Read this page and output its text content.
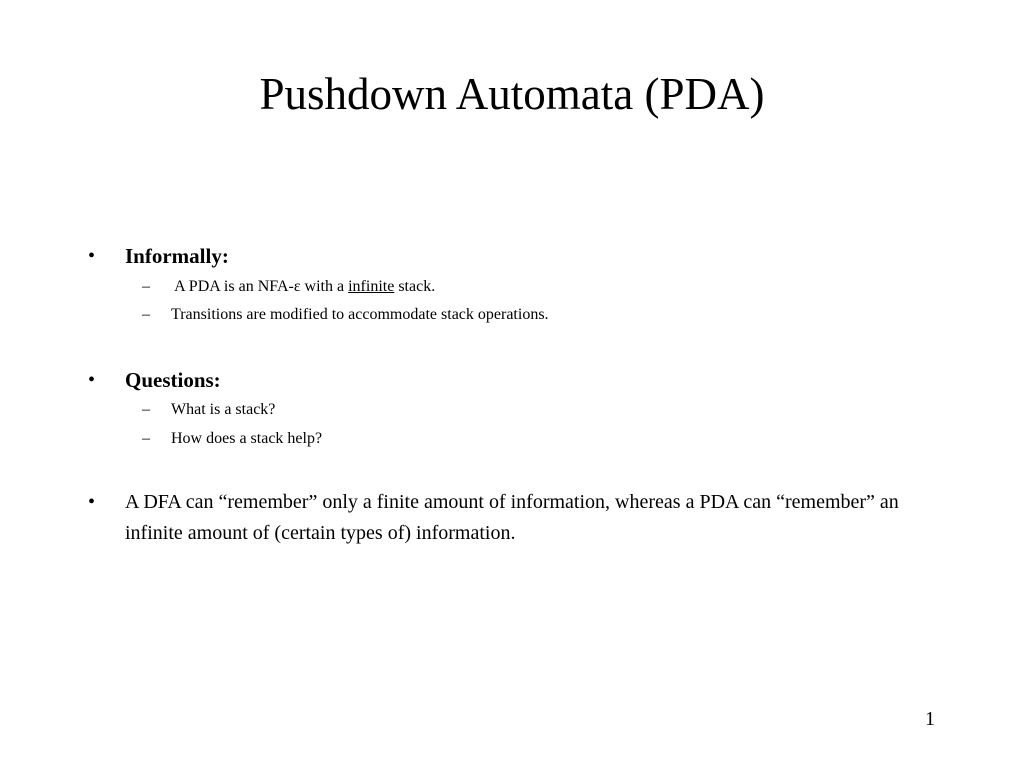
Pushdown Automata (PDA)
• Informally:
– A PDA is an NFA-ε with a infinite stack.
– Transitions are modified to accommodate stack operations.
• Questions:
– What is a stack?
– How does a stack help?
• A DFA can “remember” only a finite amount of information, whereas a PDA can “remember” an infinite amount of (certain types of) information.
1
